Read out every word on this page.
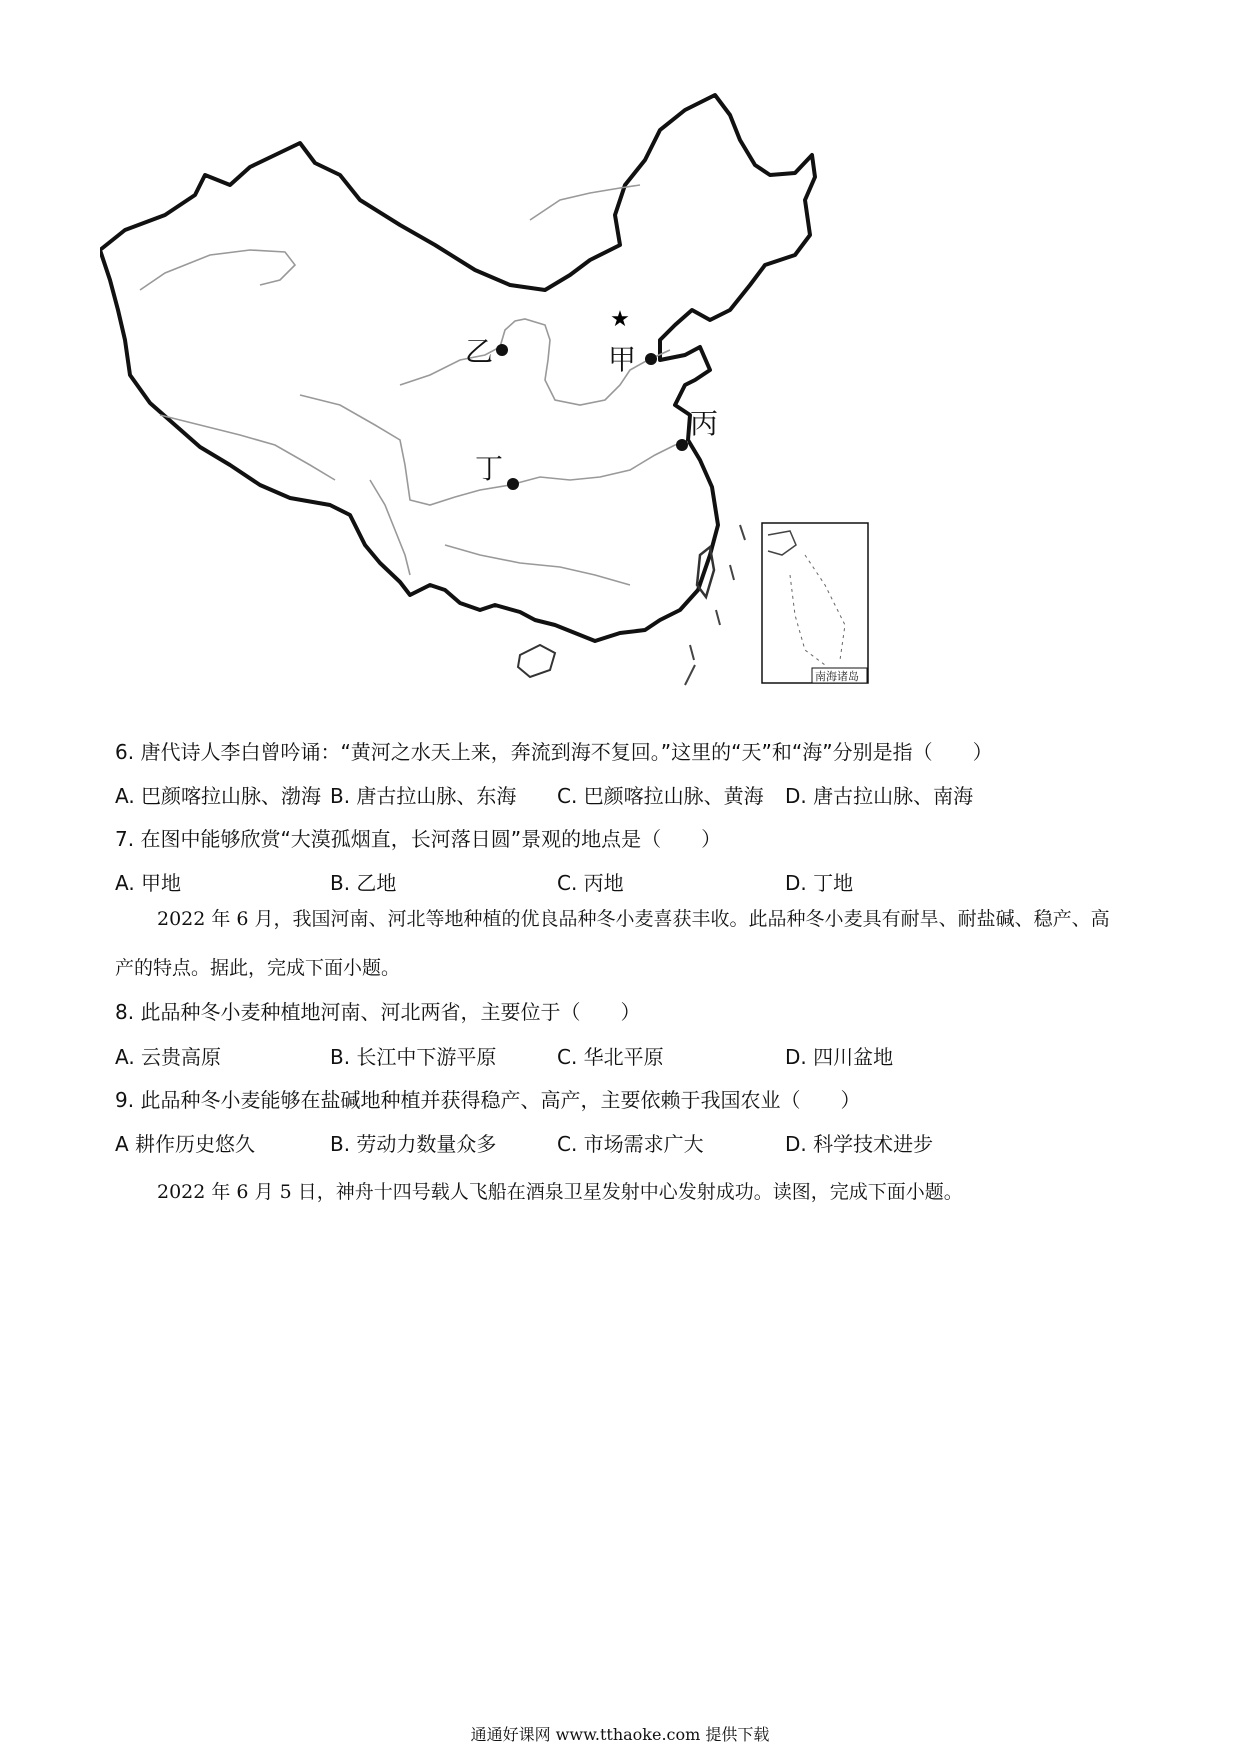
★
乙	甲
丙
丁
南海诸岛
6. 唐代诗人李白曾吟诵：“黄河之水天上来，奔流到海不复回。”这里的“天”和“海”分别是指（　　）
A. 巴颜喀拉山脉、渤海 B. 唐古拉山脉、东海 C. 巴颜喀拉山脉、黄海 D. 唐古拉山脉、南海
7. 在图中能够欣赏“大漠孤烟直，长河落日圆”景观的地点是（　　）
A. 甲地	B. 乙地	C. 丙地	D. 丁地
2022 年 6 月，我国河南、河北等地种植的优良品种冬小麦喜获丰收。此品种冬小麦具有耐旱、耐盐碱、稳产、高产的特点。据此，完成下面小题。
8. 此品种冬小麦种植地河南、河北两省，主要位于（　　）
A. 云贵高原	B. 长江中下游平原	C. 华北平原	D. 四川盆地
9. 此品种冬小麦能够在盐碱地种植并获得稳产、高产，主要依赖于我国农业（　　）
A 耕作历史悠久	B. 劳动力数量众多	C. 市场需求广大	D. 科学技术进步
2022 年 6 月 5 日，神舟十四号载人飞船在酒泉卫星发射中心发射成功。读图，完成下面小题。
通通好课网 www.tthaoke.com 提供下载
